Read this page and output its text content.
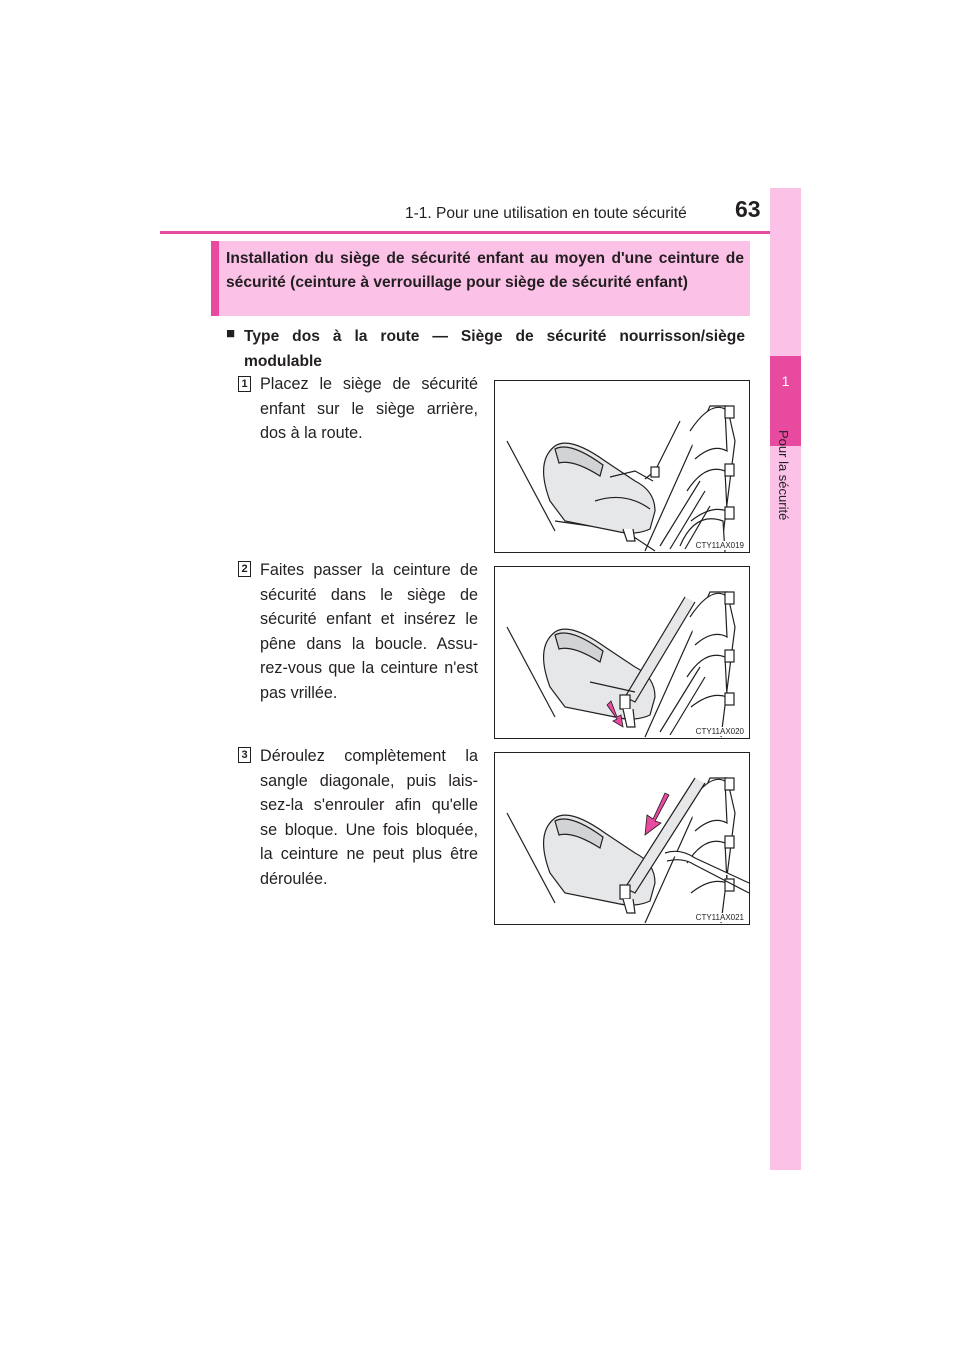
1-1. Pour une utilisation en toute sécurité 63
1
Pour la sécurité
Installation du siège de sécurité enfant au moyen d'une ceinture de sécurité (ceinture à verrouillage pour siège de sécurité enfant)
■ Type dos à la route — Siège de sécurité nourrisson/siège modulable
1 Placez le siège de sécurité enfant sur le siège arrière, dos à la route.
CTY11AX019
2 Faites passer la ceinture de sécurité dans le siège de sécurité enfant et insérez le pêne dans la boucle. Assu-rez-vous que la ceinture n'est pas vrillée.
CTY11AX020
3 Déroulez complètement la sangle diagonale, puis lais-sez-la s'enrouler afin qu'elle se bloque. Une fois bloquée, la ceinture ne peut plus être déroulée.
CTY11AX021
